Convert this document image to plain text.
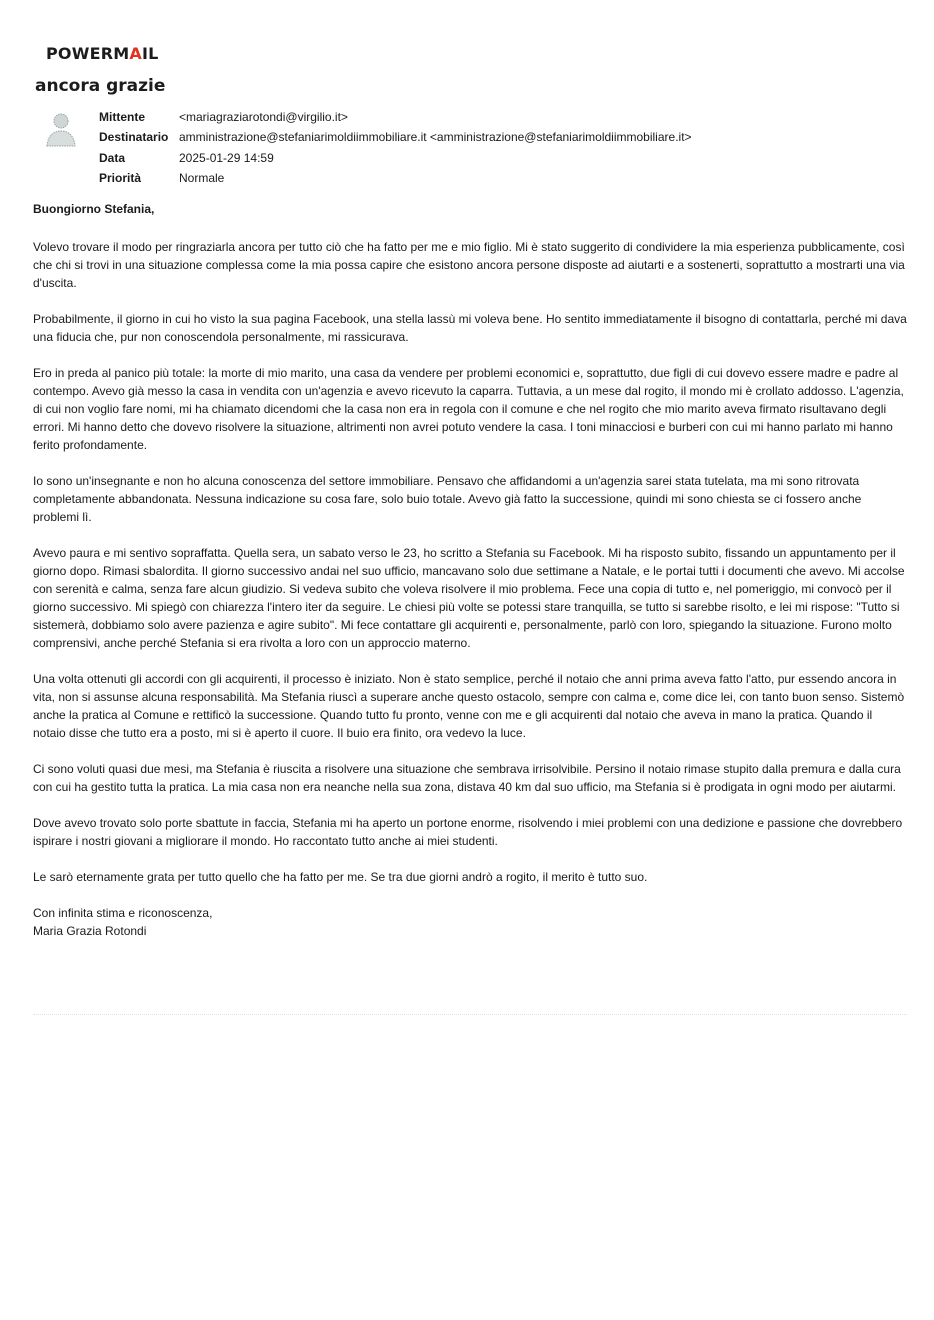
POWERMAIL
ancora grazie
Mittente	<mariagraziarotondi@virgilio.it>
Destinatario	amministrazione@stefaniarimoldiimmobiliare.it <amministrazione@stefaniarimoldiimmobiliare.it>
Data	2025-01-29 14:59
Priorità	Normale

Buongiorno Stefania,

Volevo trovare il modo per ringraziarla ancora per tutto ciò che ha fatto per me e mio figlio. Mi è stato suggerito di condividere la mia esperienza pubblicamente, così che chi si trovi in una situazione complessa come la mia possa capire che esistono ancora persone disposte ad aiutarti e a sostenerti, soprattutto a mostrarti una via d'uscita.

Probabilmente, il giorno in cui ho visto la sua pagina Facebook, una stella lassù mi voleva bene. Ho sentito immediatamente il bisogno di contattarla, perché mi dava una fiducia che, pur non conoscendola personalmente, mi rassicurava.

Ero in preda al panico più totale: la morte di mio marito, una casa da vendere per problemi economici e, soprattutto, due figli di cui dovevo essere madre e padre al contempo. Avevo già messo la casa in vendita con un'agenzia e avevo ricevuto la caparra. Tuttavia, a un mese dal rogito, il mondo mi è crollato addosso. L'agenzia, di cui non voglio fare nomi, mi ha chiamato dicendomi che la casa non era in regola con il comune e che nel rogito che mio marito aveva firmato risultavano degli errori. Mi hanno detto che dovevo risolvere la situazione, altrimenti non avrei potuto vendere la casa. I toni minacciosi e burberi con cui mi hanno parlato mi hanno ferito profondamente.

Io sono un'insegnante e non ho alcuna conoscenza del settore immobiliare. Pensavo che affidandomi a un'agenzia sarei stata tutelata, ma mi sono ritrovata completamente abbandonata. Nessuna indicazione su cosa fare, solo buio totale. Avevo già fatto la successione, quindi mi sono chiesta se ci fossero anche problemi lì.

Avevo paura e mi sentivo sopraffatta. Quella sera, un sabato verso le 23, ho scritto a Stefania su Facebook. Mi ha risposto subito, fissando un appuntamento per il giorno dopo. Rimasi sbalordita. Il giorno successivo andai nel suo ufficio, mancavano solo due settimane a Natale, e le portai tutti i documenti che avevo. Mi accolse con serenità e calma, senza fare alcun giudizio. Si vedeva subito che voleva risolvere il mio problema. Fece una copia di tutto e, nel pomeriggio, mi convocò per il giorno successivo. Mi spiegò con chiarezza l'intero iter da seguire. Le chiesi più volte se potessi stare tranquilla, se tutto si sarebbe risolto, e lei mi rispose: "Tutto si sistemerà, dobbiamo solo avere pazienza e agire subito". Mi fece contattare gli acquirenti e, personalmente, parlò con loro, spiegando la situazione. Furono molto comprensivi, anche perché Stefania si era rivolta a loro con un approccio materno.

Una volta ottenuti gli accordi con gli acquirenti, il processo è iniziato. Non è stato semplice, perché il notaio che anni prima aveva fatto l'atto, pur essendo ancora in vita, non si assunse alcuna responsabilità. Ma Stefania riuscì a superare anche questo ostacolo, sempre con calma e, come dice lei, con tanto buon senso. Sistemò anche la pratica al Comune e rettificò la successione. Quando tutto fu pronto, venne con me e gli acquirenti dal notaio che aveva in mano la pratica. Quando il notaio disse che tutto era a posto, mi si è aperto il cuore. Il buio era finito, ora vedevo la luce.

Ci sono voluti quasi due mesi, ma Stefania è riuscita a risolvere una situazione che sembrava irrisolvibile. Persino il notaio rimase stupito dalla premura e dalla cura con cui ha gestito tutta la pratica. La mia casa non era neanche nella sua zona, distava 40 km dal suo ufficio, ma Stefania si è prodigata in ogni modo per aiutarmi.

Dove avevo trovato solo porte sbattute in faccia, Stefania mi ha aperto un portone enorme, risolvendo i miei problemi con una dedizione e passione che dovrebbero ispirare i nostri giovani a migliorare il mondo. Ho raccontato tutto anche ai miei studenti.

Le sarò eternamente grata per tutto quello che ha fatto per me. Se tra due giorni andrò a rogito, il merito è tutto suo.

Con infinita stima e riconoscenza,

Maria Grazia Rotondi
